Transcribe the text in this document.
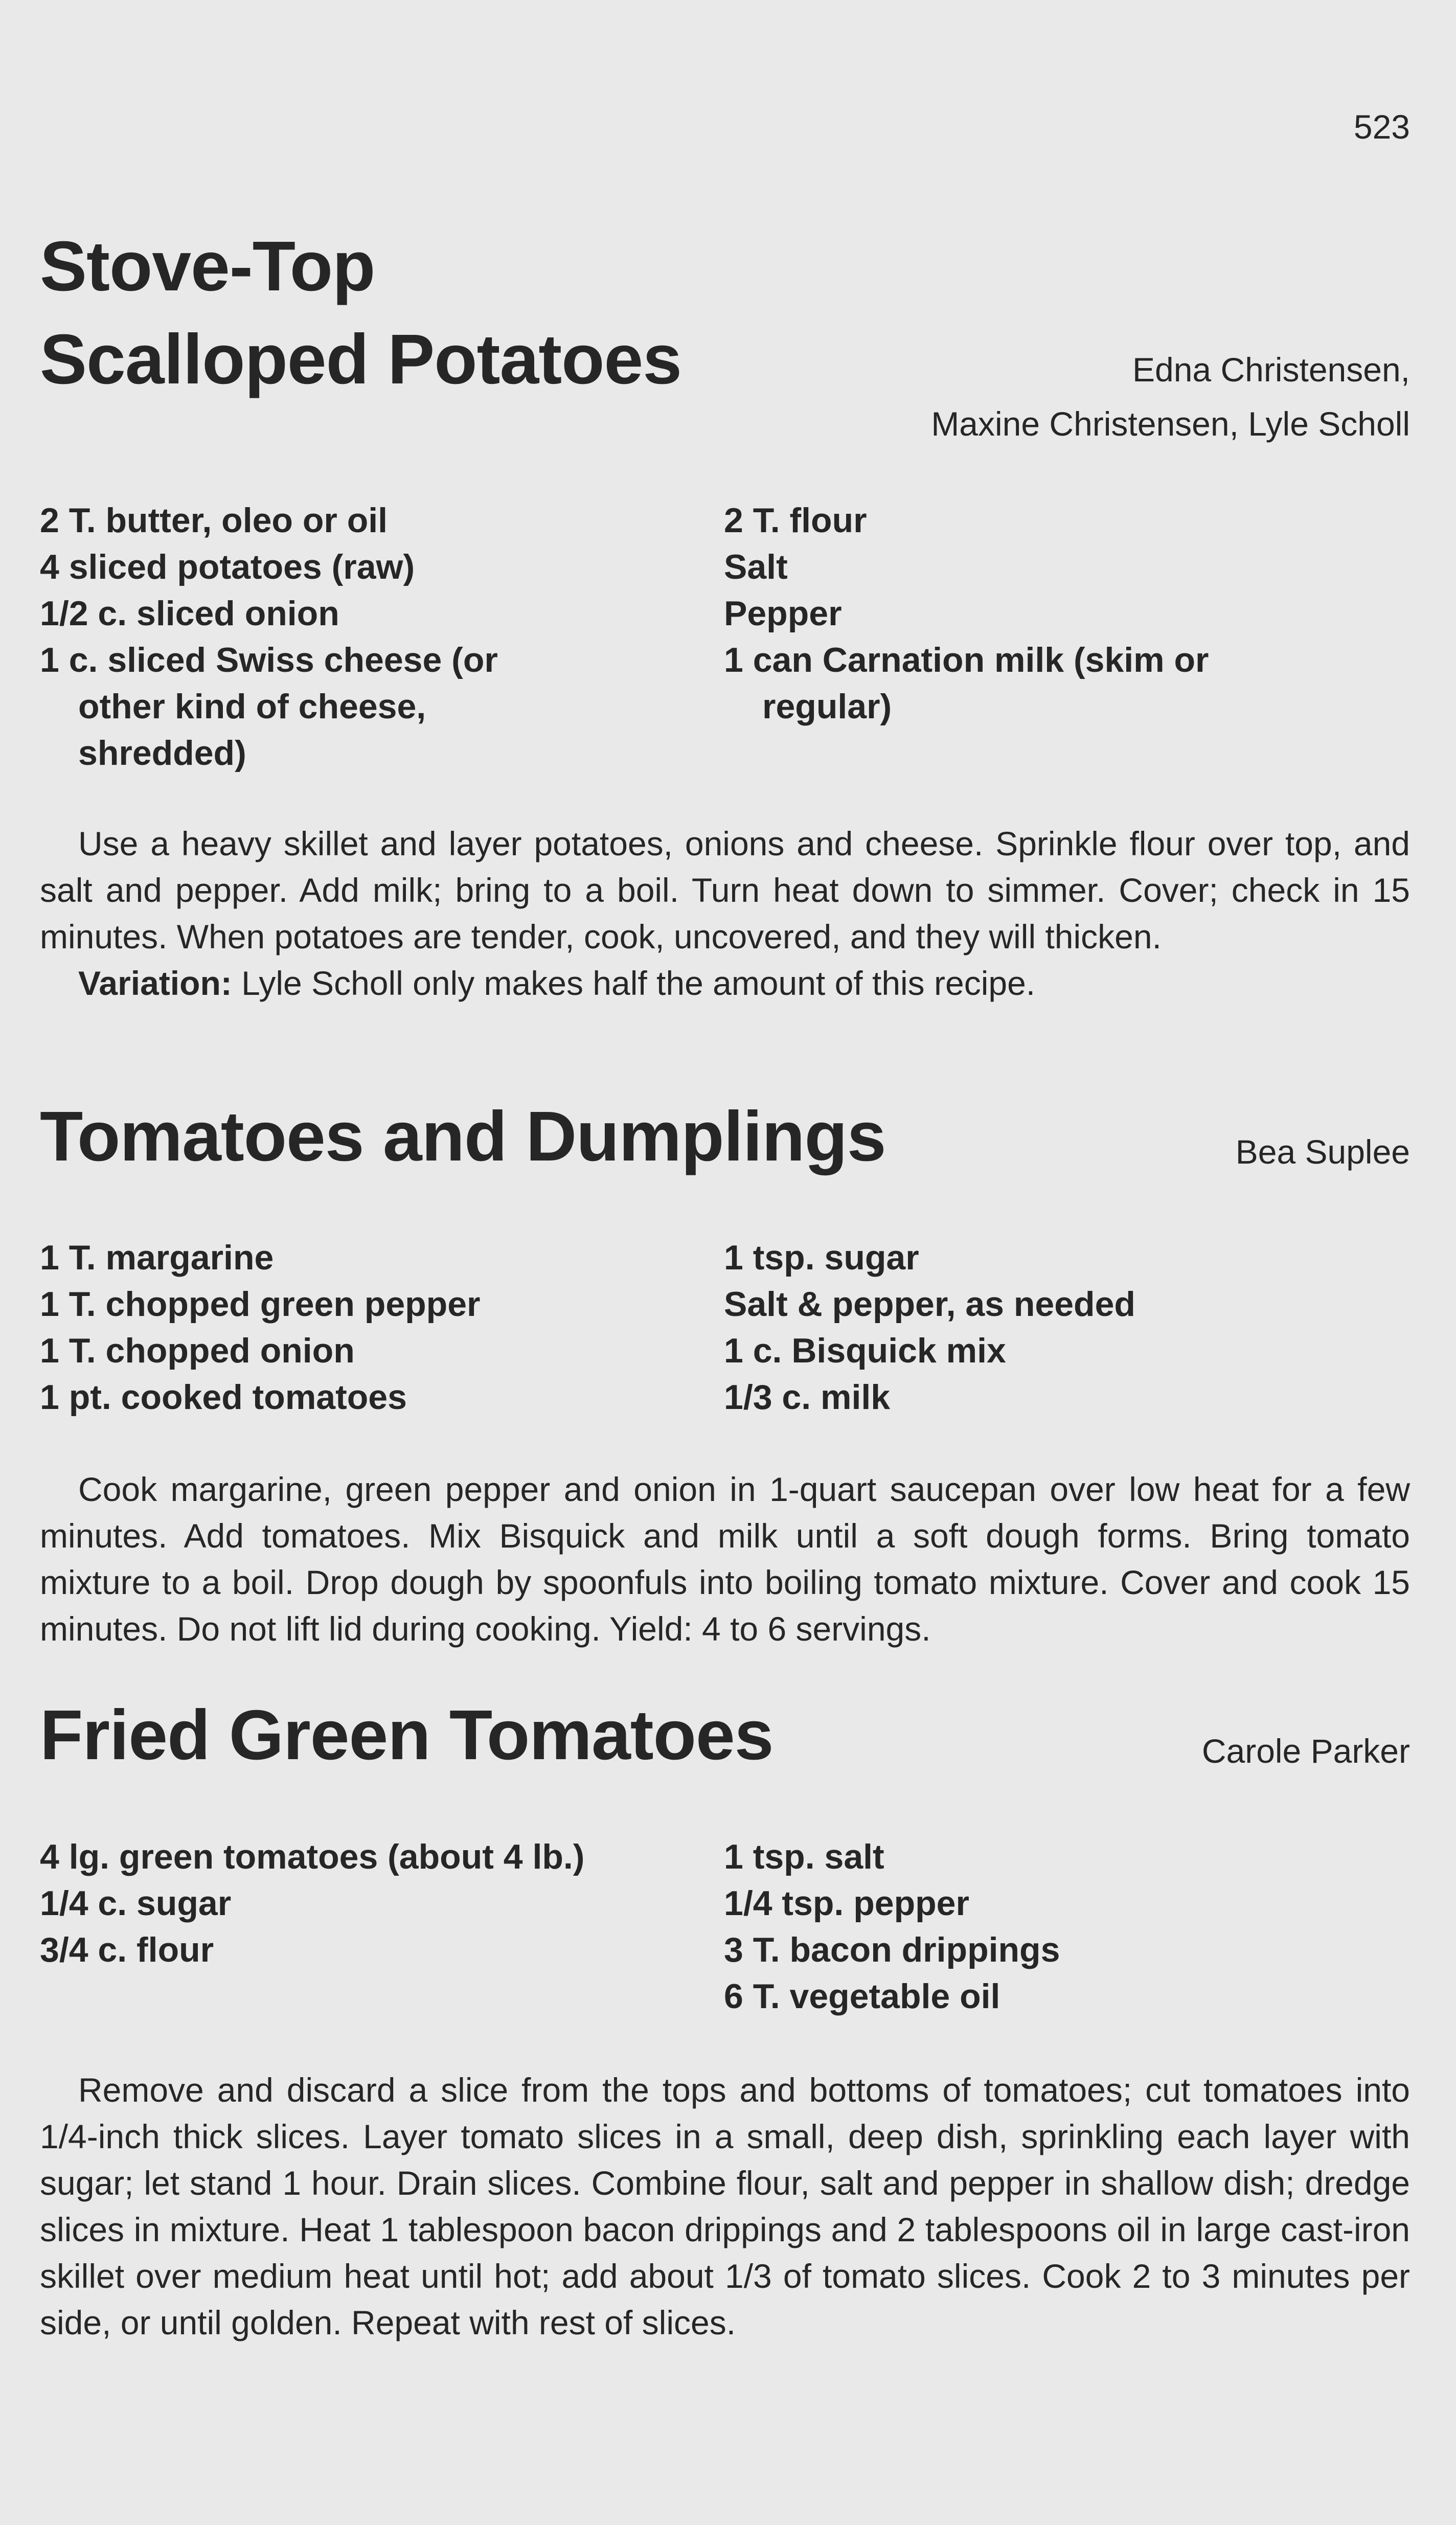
523
Stove-Top
Scalloped Potatoes	Edna Christensen,
Maxine Christensen, Lyle Scholl
2 T. butter, oleo or oil
4 sliced potatoes (raw)
1/2 c. sliced onion
1 c. sliced Swiss cheese (or other kind of cheese, shredded)
2 T. flour
Salt
Pepper
1 can Carnation milk (skim or regular)

Use a heavy skillet and layer potatoes, onions and cheese. Sprinkle flour over top, and salt and pepper. Add milk; bring to a boil. Turn heat down to simmer. Cover; check in 15 minutes. When potatoes are tender, cook, uncovered, and they will thicken.

Variation: Lyle Scholl only makes half the amount of this recipe.

Tomatoes and Dumplings	Bea Suplee
1 T. margarine
1 T. chopped green pepper
1 T. chopped onion
1 pt. cooked tomatoes
1 tsp. sugar
Salt & pepper, as needed
1 c. Bisquick mix
1/3 c. milk

Cook margarine, green pepper and onion in 1-quart saucepan over low heat for a few minutes. Add tomatoes. Mix Bisquick and milk until a soft dough forms. Bring tomato mixture to a boil. Drop dough by spoonfuls into boiling tomato mixture. Cover and cook 15 minutes. Do not lift lid during cooking. Yield: 4 to 6 servings.

Fried Green Tomatoes	Carole Parker
4 lg. green tomatoes (about 4 lb.)
1/4 c. sugar
3/4 c. flour
1 tsp. salt
1/4 tsp. pepper
3 T. bacon drippings
6 T. vegetable oil

Remove and discard a slice from the tops and bottoms of tomatoes; cut tomatoes into 1/4-inch thick slices. Layer tomato slices in a small, deep dish, sprinkling each layer with sugar; let stand 1 hour. Drain slices. Combine flour, salt and pepper in shallow dish; dredge slices in mixture. Heat 1 tablespoon bacon drippings and 2 tablespoons oil in large cast-iron skillet over medium heat until hot; add about 1/3 of tomato slices. Cook 2 to 3 minutes per side, or until golden. Repeat with rest of slices.
